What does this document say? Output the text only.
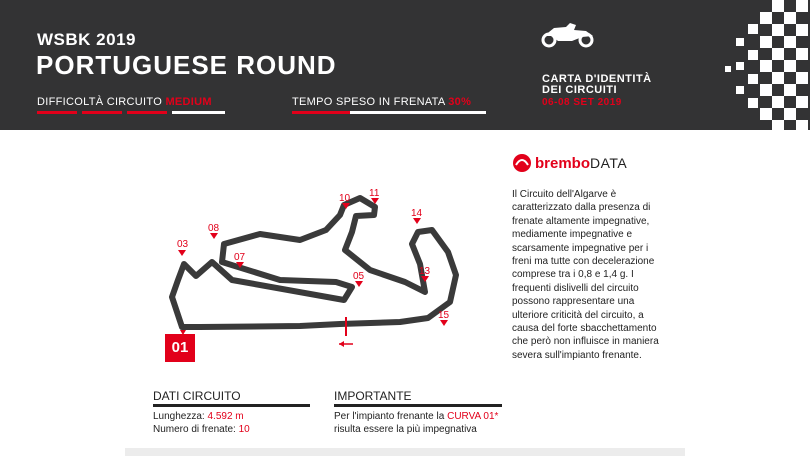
WSBK 2019
PORTUGUESE ROUND
DIFFICOLTÀ CIRCUITO MEDIUM	TEMPO SPESO IN FRENATA 30%
CARTA D'IDENTITÀ
DEI CIRCUITI
06-08 SET 2019
brembo DATA
Il Circuito dell'Algarve è caratterizzato dalla presenza di frenate altamente impegnative, mediamente impegnative e scarsamente impegnative per i freni ma tutte con decelerazione comprese tra i 0,8 e 1,4 g. I frequenti dislivelli del circuito possono rappresentare una ulteriore criticità del circuito, a causa del forte sbacchettamento che però non influisce in maniera severa sull'impianto frenante.
03
05
07
08
10 11
13
14
15
01
DATI CIRCUITO
Lunghezza: 4.592 m
Numero di frenate: 10
IMPORTANTE
Per l'impianto frenante la CURVA 01*
risulta essere la più impegnativa
